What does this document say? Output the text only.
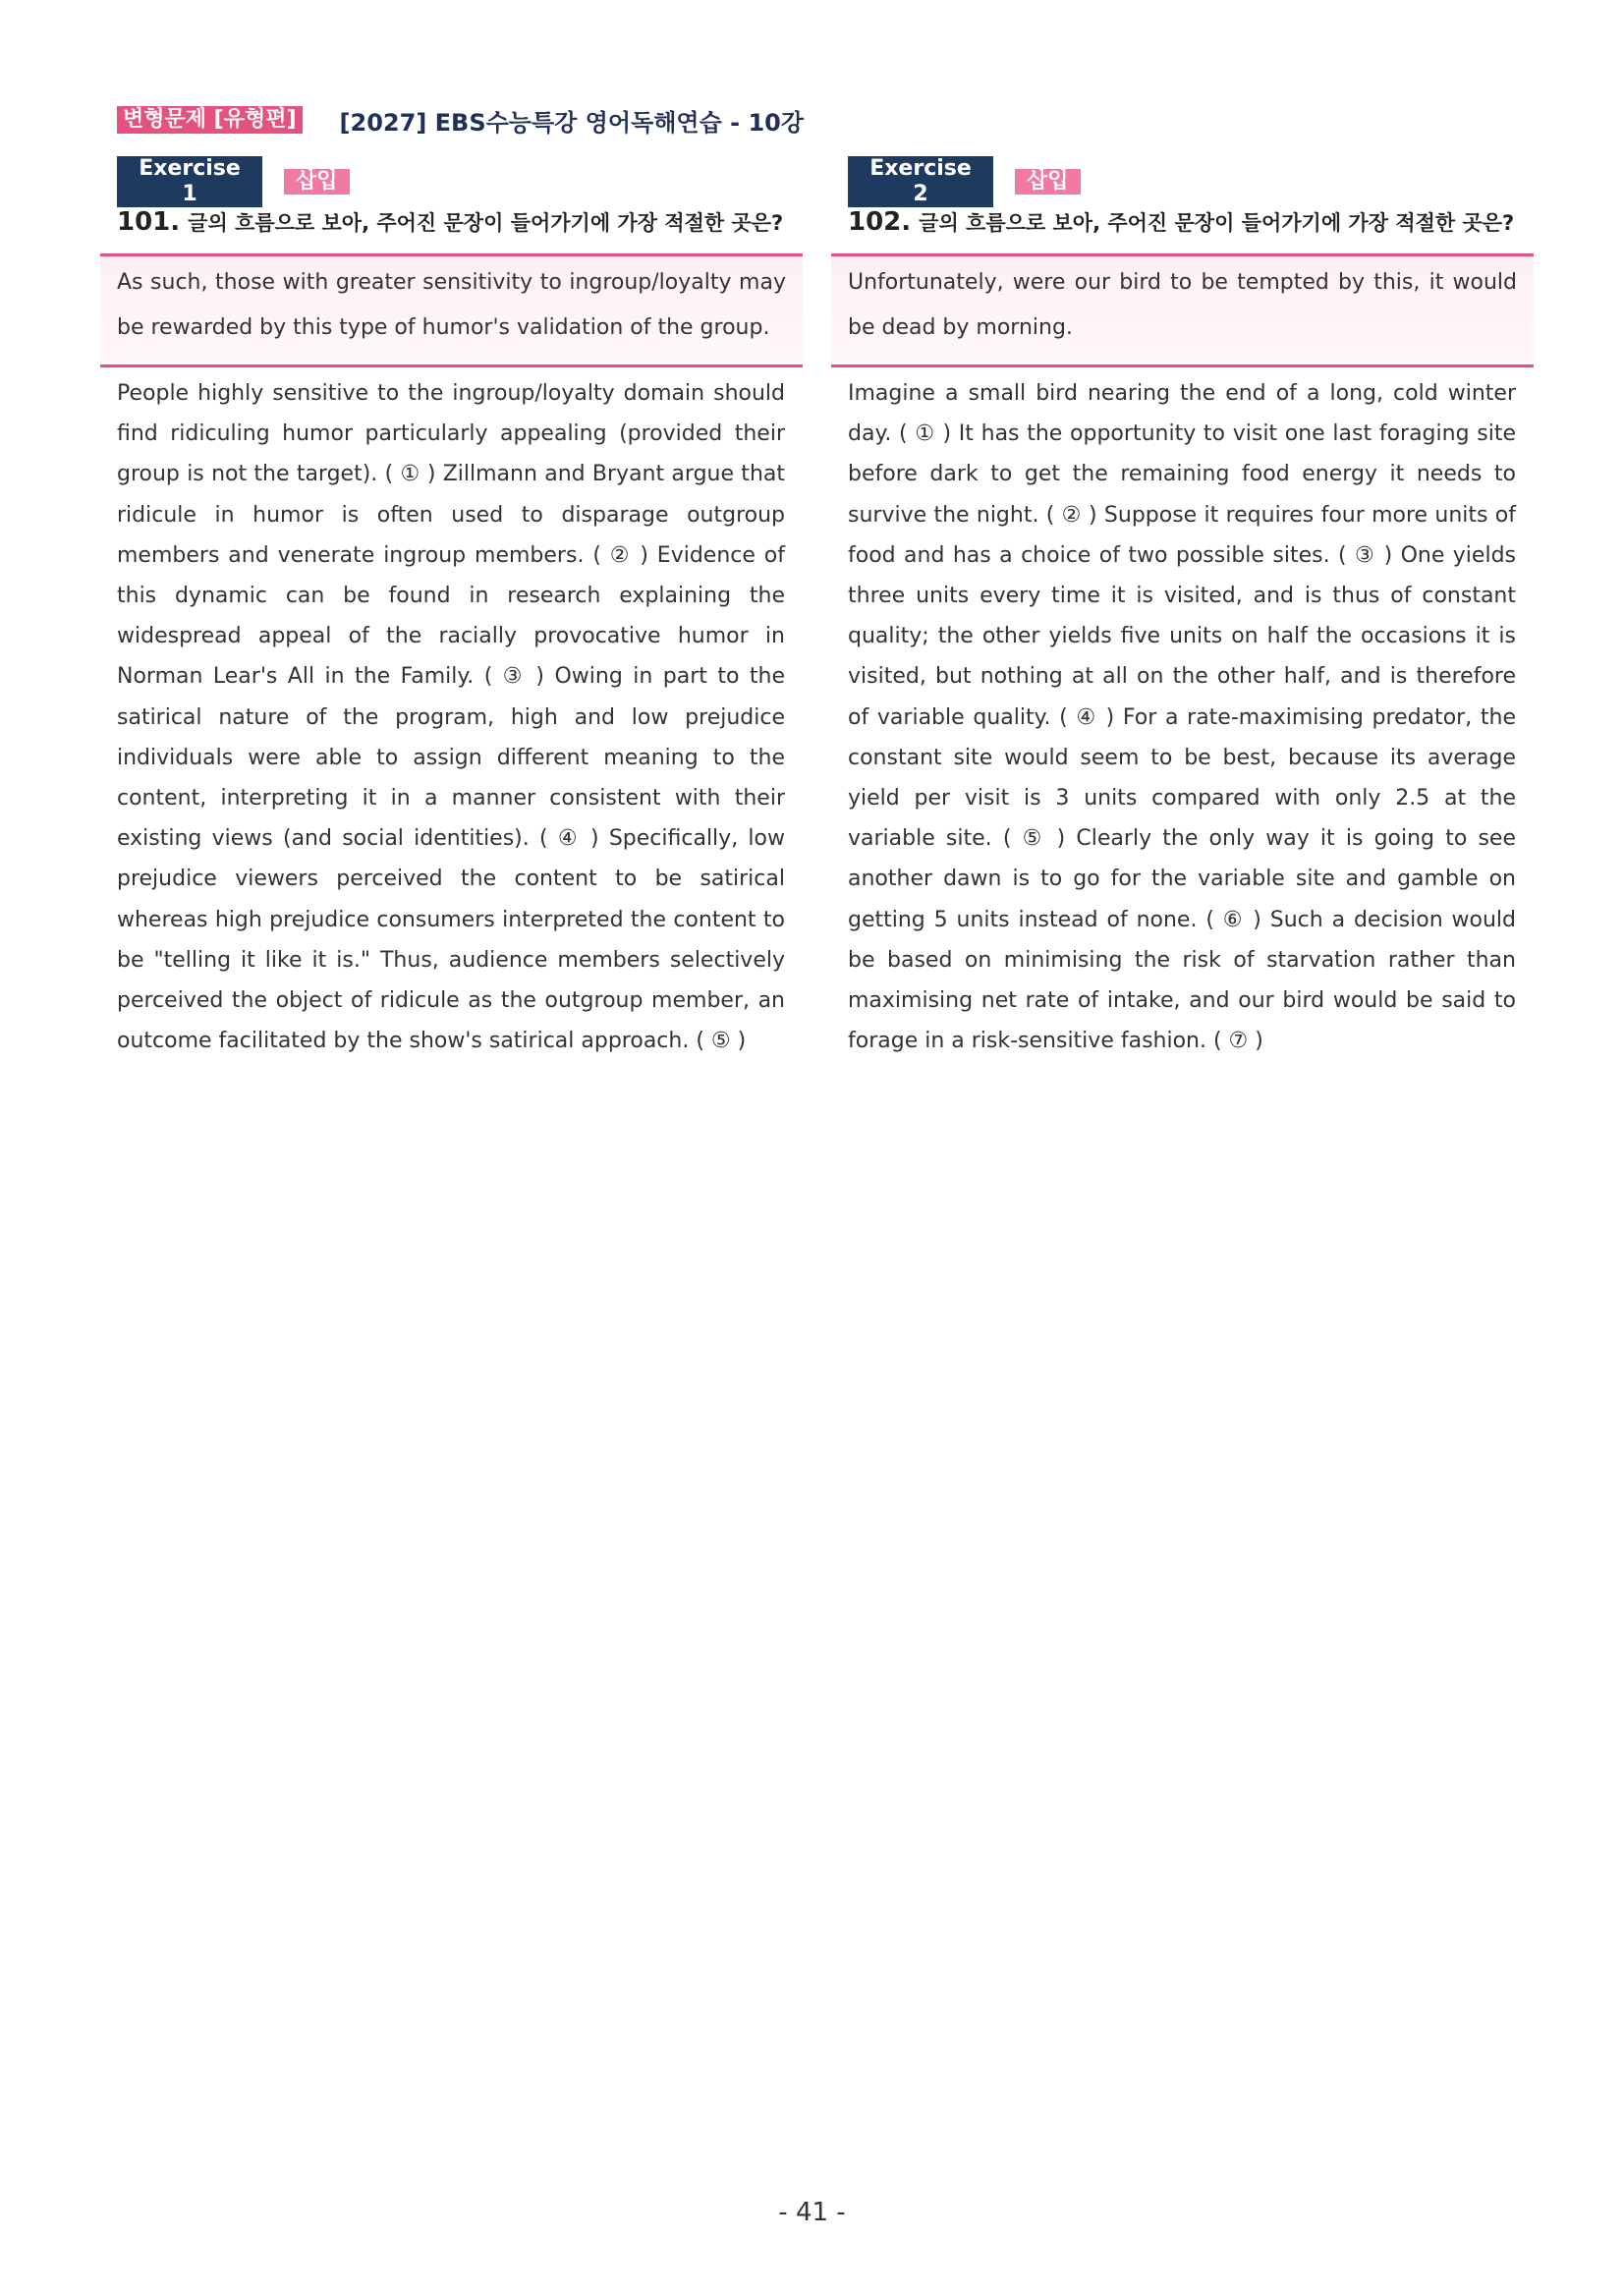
변형문제 [유형편] [2027] EBS수능특강 영어독해연습 - 10강
Exercise 1
삽입
101. 글의 흐름으로 보아, 주어진 문장이 들어가기에 가장 적절한 곳은?
As such, those with greater sensitivity to ingroup/loyalty may be rewarded by this type of humor's validation of the group.
People highly sensitive to the ingroup/loyalty domain should find ridiculing humor particularly appealing (provided their group is not the target). ( ① ) Zillmann and Bryant argue that ridicule in humor is often used to disparage outgroup members and venerate ingroup members. ( ② ) Evidence of this dynamic can be found in research explaining the widespread appeal of the racially provocative humor in Norman Lear's All in the Family. ( ③ ) Owing in part to the satirical nature of the program, high and low prejudice individuals were able to assign different meaning to the content, interpreting it in a manner consistent with their existing views (and social identities). ( ④ ) Specifically, low prejudice viewers perceived the content to be satirical whereas high prejudice consumers interpreted the content to be "telling it like it is." Thus, audience members selectively perceived the object of ridicule as the outgroup member, an outcome facilitated by the show's satirical approach. ( ⑤ )
Exercise 2
삽입
102. 글의 흐름으로 보아, 주어진 문장이 들어가기에 가장 적절한 곳은?
Unfortunately, were our bird to be tempted by this, it would be dead by morning.
Imagine a small bird nearing the end of a long, cold winter day. ( ① ) It has the opportunity to visit one last foraging site before dark to get the remaining food energy it needs to survive the night. ( ② ) Suppose it requires four more units of food and has a choice of two possible sites. ( ③ ) One yields three units every time it is visited, and is thus of constant quality; the other yields five units on half the occasions it is visited, but nothing at all on the other half, and is therefore of variable quality. ( ④ ) For a rate-maximising predator, the constant site would seem to be best, because its average yield per visit is 3 units compared with only 2.5 at the variable site. ( ⑤ ) Clearly the only way it is going to see another dawn is to go for the variable site and gamble on getting 5 units instead of none. ( ⑥ ) Such a decision would be based on minimising the risk of starvation rather than maximising net rate of intake, and our bird would be said to forage in a risk-sensitive fashion. ( ⑦ )
- 41 -
